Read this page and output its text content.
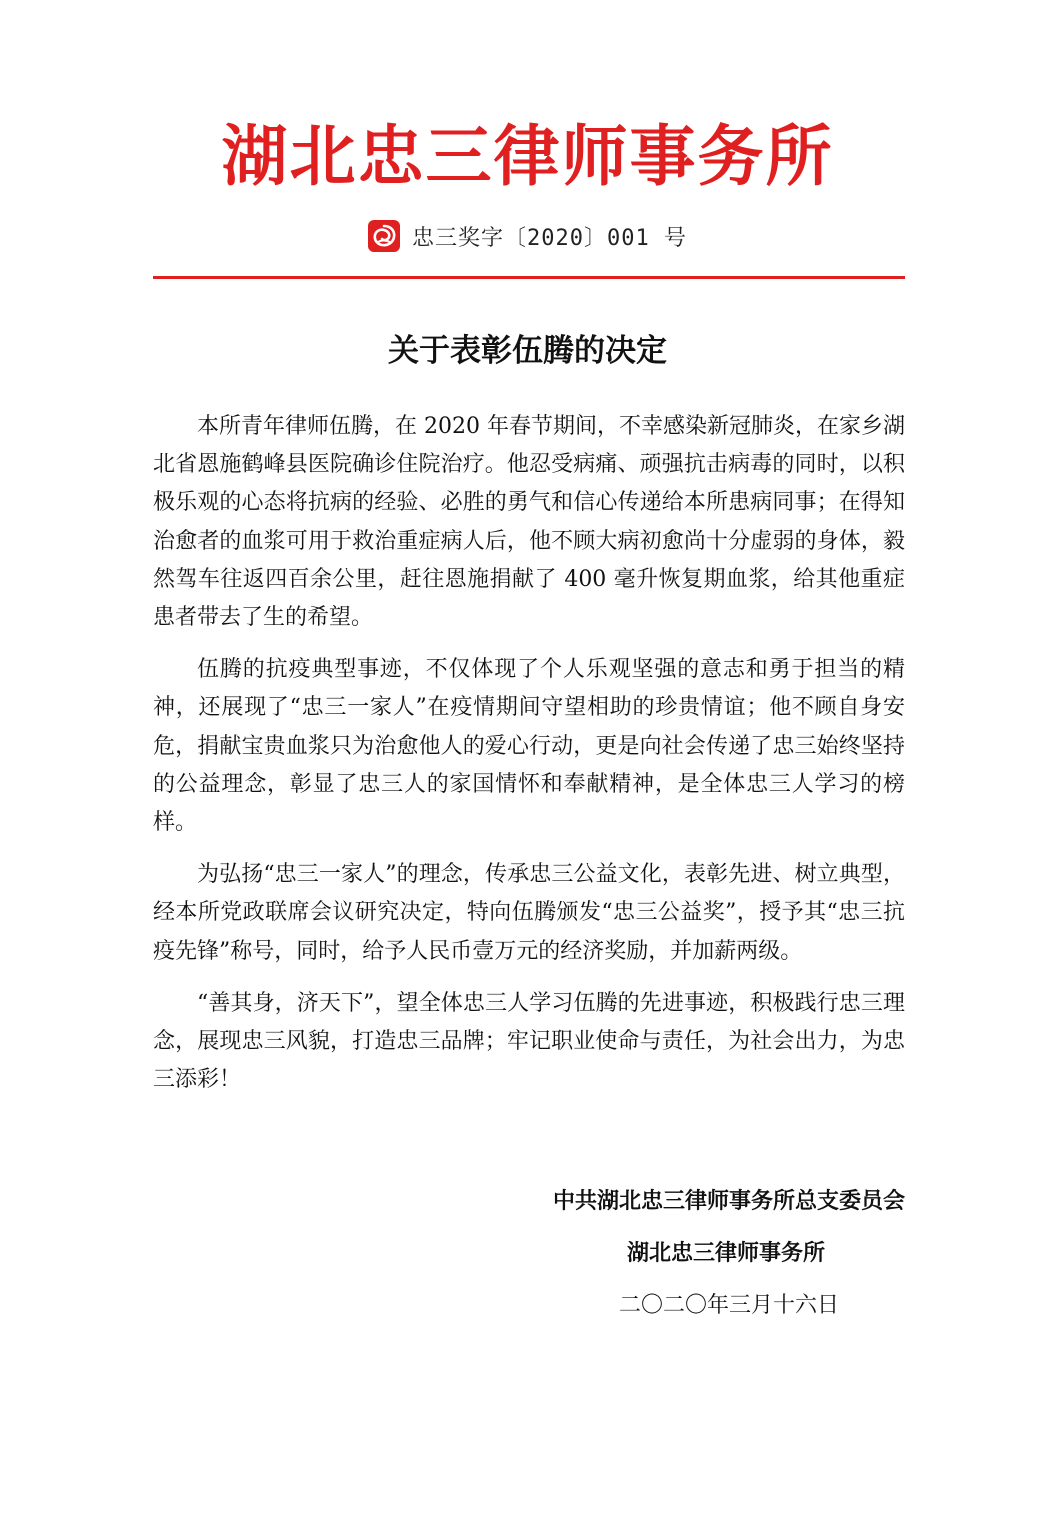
湖北忠三律师事务所
忠三奖字〔2020〕001 号
关于表彰伍腾的决定

本所青年律师伍腾，在 2020 年春节期间，不幸感染新冠肺炎，在家乡湖北省恩施鹤峰县医院确诊住院治疗。他忍受病痛、顽强抗击病毒的同时，以积极乐观的心态将抗病的经验、必胜的勇气和信心传递给本所患病同事；在得知治愈者的血浆可用于救治重症病人后，他不顾大病初愈尚十分虚弱的身体，毅然驾车往返四百余公里，赶往恩施捐献了 400 毫升恢复期血浆，给其他重症患者带去了生的希望。

伍腾的抗疫典型事迹，不仅体现了个人乐观坚强的意志和勇于担当的精神，还展现了“忠三一家人”在疫情期间守望相助的珍贵情谊；他不顾自身安危，捐献宝贵血浆只为治愈他人的爱心行动，更是向社会传递了忠三始终坚持的公益理念，彰显了忠三人的家国情怀和奉献精神，是全体忠三人学习的榜样。

为弘扬“忠三一家人”的理念，传承忠三公益文化，表彰先进、树立典型，经本所党政联席会议研究决定，特向伍腾颁发“忠三公益奖”，授予其“忠三抗疫先锋”称号，同时，给予人民币壹万元的经济奖励，并加薪两级。

“善其身，济天下”，望全体忠三人学习伍腾的先进事迹，积极践行忠三理念，展现忠三风貌，打造忠三品牌；牢记职业使命与责任，为社会出力，为忠三添彩！

中共湖北忠三律师事务所总支委员会
湖北忠三律师事务所
二〇二〇年三月十六日
